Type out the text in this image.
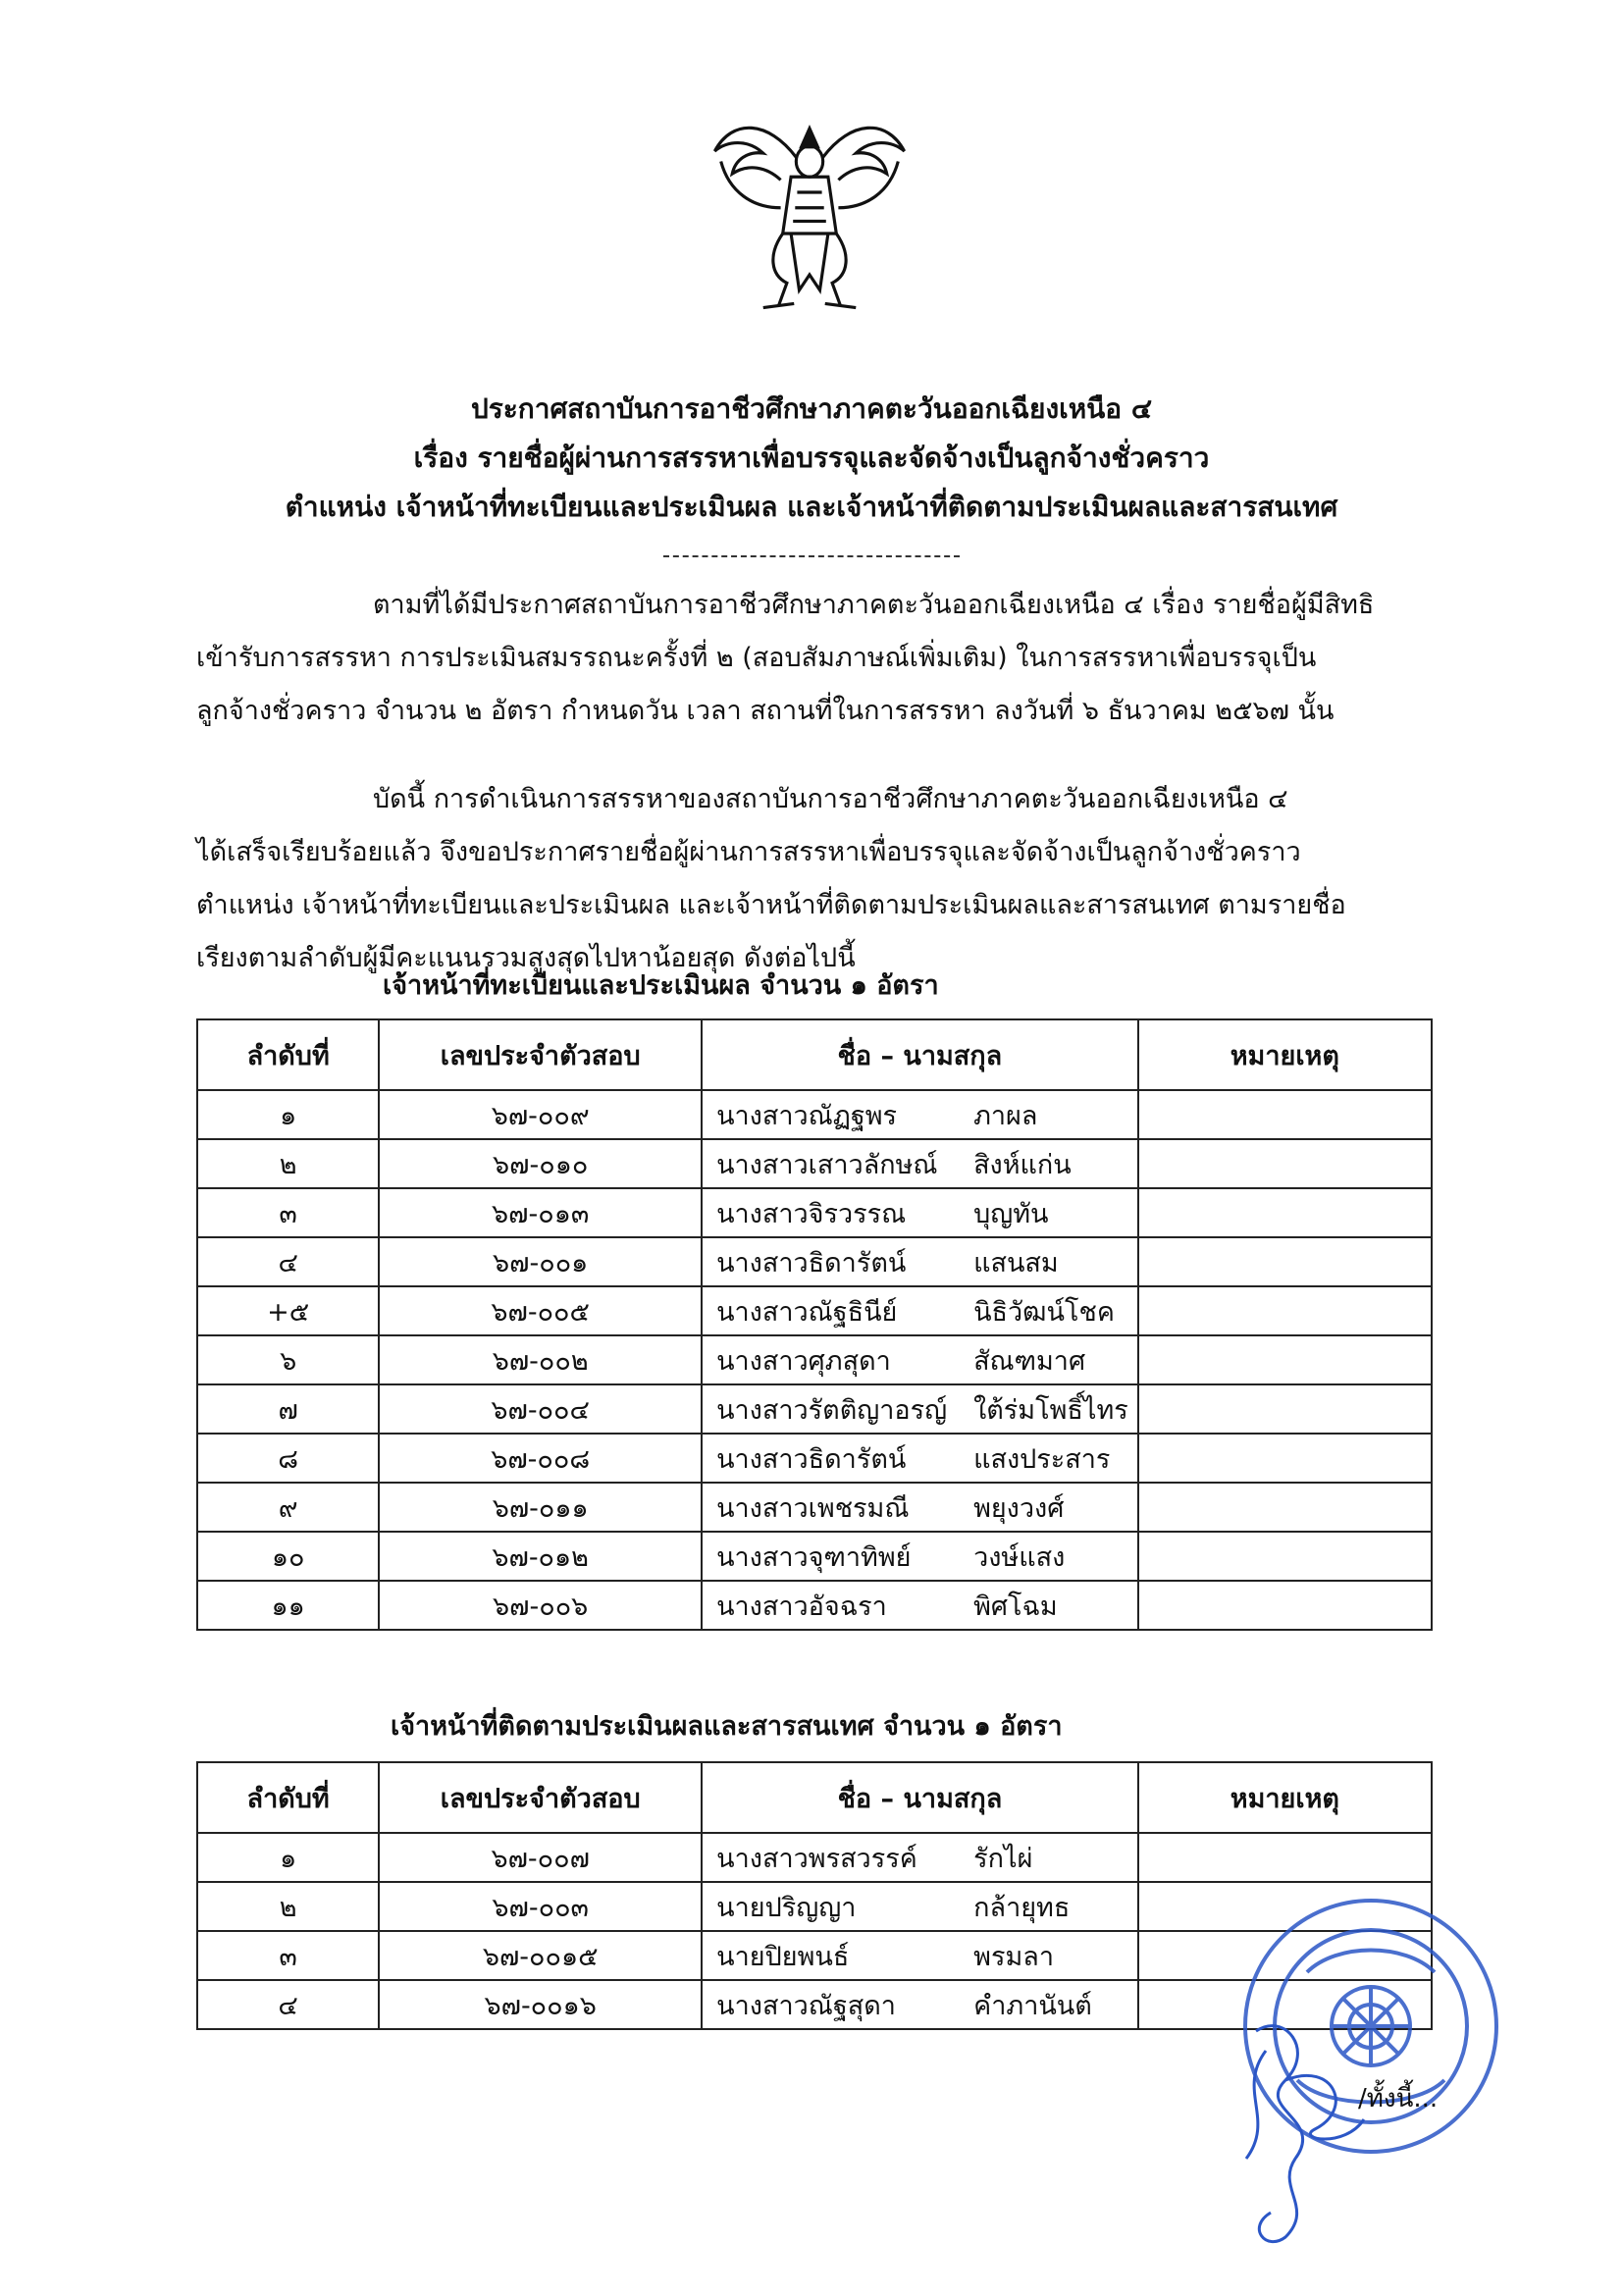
ประกาศสถาบันการอาชีวศึกษาภาคตะวันออกเฉียงเหนือ ๔
เรื่อง รายชื่อผู้ผ่านการสรรหาเพื่อบรรจุและจัดจ้างเป็นลูกจ้างชั่วคราว
ตำแหน่ง เจ้าหน้าที่ทะเบียนและประเมินผล และเจ้าหน้าที่ติดตามประเมินผลและสารสนเทศ
ตามที่ได้มีประกาศสถาบันการอาชีวศึกษาภาคตะวันออกเฉียงเหนือ ๔ เรื่อง รายชื่อผู้มีสิทธิ
เข้ารับการสรรหา การประเมินสมรรถนะครั้งที่ ๒ (สอบสัมภาษณ์เพิ่มเติม) ในการสรรหาเพื่อบรรจุเป็น
ลูกจ้างชั่วคราว จำนวน ๒ อัตรา กำหนดวัน เวลา สถานที่ในการสรรหา ลงวันที่ ๖ ธันวาคม ๒๕๖๗ นั้น
บัดนี้ การดำเนินการสรรหาของสถาบันการอาชีวศึกษาภาคตะวันออกเฉียงเหนือ ๔
ได้เสร็จเรียบร้อยแล้ว จึงขอประกาศรายชื่อผู้ผ่านการสรรหาเพื่อบรรจุและจัดจ้างเป็นลูกจ้างชั่วคราว
ตำแหน่ง เจ้าหน้าที่ทะเบียนและประเมินผล และเจ้าหน้าที่ติดตามประเมินผลและสารสนเทศ ตามรายชื่อ
เรียงตามลำดับผู้มีคะแนนรวมสูงสุดไปหาน้อยสุด ดังต่อไปนี้
เจ้าหน้าที่ทะเบียนและประเมินผล จำนวน ๑ อัตรา
ลำดับที่	เลขประจำตัวสอบ	ชื่อ – นามสกุล	หมายเหตุ
๑	๖๗-๐๐๙	นางสาวณัฏฐพร ภาผล	
๒	๖๗-๐๑๐	นางสาวเสาวลักษณ์ สิงห์แก่น	
๓	๖๗-๐๑๓	นางสาวจิรวรรณ บุญทัน	
๔	๖๗-๐๐๑	นางสาวธิดารัตน์ แสนสม	
+๕	๖๗-๐๐๕	นางสาวณัฐธินีย์ นิธิวัฒน์โชค	
๖	๖๗-๐๐๒	นางสาวศุภสุดา สัณฑมาศ	
๗	๖๗-๐๐๔	นางสาวรัตติญาอรญ์ ใต้ร่มโพธิ์ไทร	
๘	๖๗-๐๐๘	นางสาวธิดารัตน์ แสงประสาร	
๙	๖๗-๐๑๑	นางสาวเพชรมณี พยุงวงศ์	
๑๐	๖๗-๐๑๒	นางสาวจุฑาทิพย์ วงษ์แสง	
๑๑	๖๗-๐๐๖	นางสาวอัจฉรา พิศโฉม	
เจ้าหน้าที่ติดตามประเมินผลและสารสนเทศ จำนวน ๑ อัตรา
ลำดับที่	เลขประจำตัวสอบ	ชื่อ – นามสกุล	หมายเหตุ
๑	๖๗-๐๐๗	นางสาวพรสวรรค์ รักไผ่	
๒	๖๗-๐๐๓	นายปริญญา กล้ายุทธ	
๓	๖๗-๐๐๑๕	นายปิยพนธ์ พรมลา	
๔	๖๗-๐๐๑๖	นางสาวณัฐสุดา คำภานันต์	
/ทั้งนี้...
